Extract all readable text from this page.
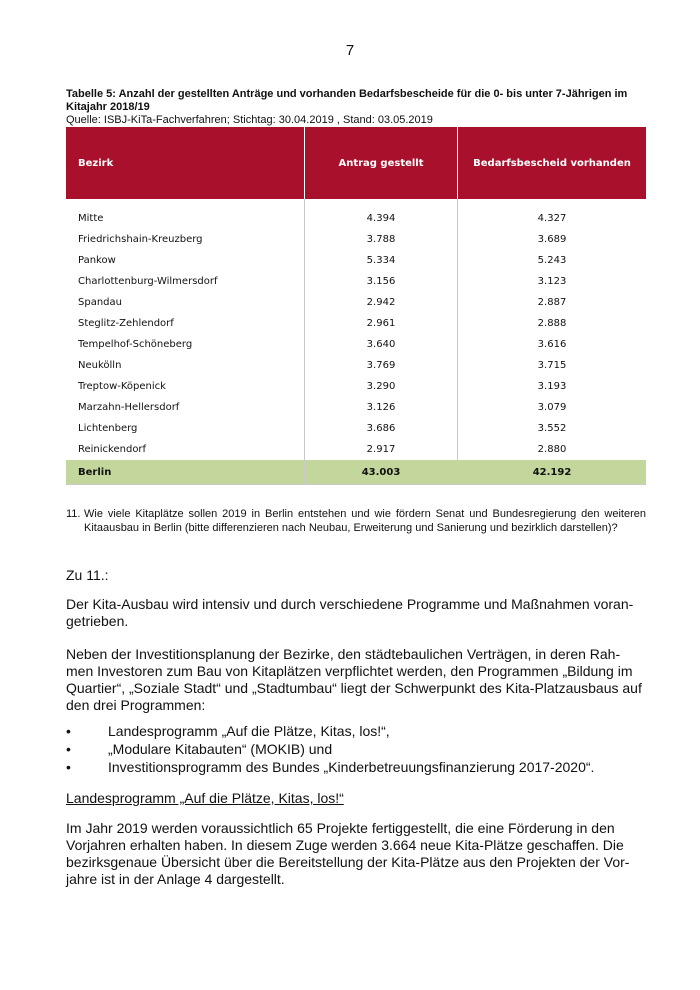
7
Tabelle 5: Anzahl der gestellten Anträge und vorhanden Bedarfsbescheide für die 0- bis unter 7-Jährigen im Kitajahr 2018/19
Quelle: ISBJ-KiTa-Fachverfahren; Stichtag: 30.04.2019 , Stand: 03.05.2019
Bezirk	Antrag gestellt	Bedarfsbescheid vorhanden

Mitte	4.394	4.327
Friedrichshain-Kreuzberg	3.788	3.689
Pankow	5.334	5.243
Charlottenburg-Wilmersdorf	3.156	3.123
Spandau	2.942	2.887
Steglitz-Zehlendorf	2.961	2.888
Tempelhof-Schöneberg	3.640	3.616
Neukölln	3.769	3.715
Treptow-Köpenick	3.290	3.193
Marzahn-Hellersdorf	3.126	3.079
Lichtenberg	3.686	3.552
Reinickendorf	2.917	2.880
Berlin	43.003	42.192
11. Wie viele Kitaplätze sollen 2019 in Berlin entstehen und wie fördern Senat und Bundesregierung den weiteren Kitaausbau in Berlin (bitte differenzieren nach Neubau, Erweiterung und Sanierung und bezirklich darstellen)?
Zu 11.:
Der Kita-Ausbau wird intensiv und durch verschiedene Programme und Maßnahmen voran-getrieben.
Neben der Investitionsplanung der Bezirke, den städtebaulichen Verträgen, in deren Rah-men Investoren zum Bau von Kitaplätzen verpflichtet werden, den Programmen „Bildung im Quartier“, „Soziale Stadt“ und „Stadtumbau“ liegt der Schwerpunkt des Kita-Platzausbaus auf den drei Programmen:
•	Landesprogramm „Auf die Plätze, Kitas, los!“,
•	„Modulare Kitabauten“ (MOKIB) und
•	Investitionsprogramm des Bundes „Kinderbetreuungsfinanzierung 2017-2020“.
Landesprogramm „Auf die Plätze, Kitas, los!“
Im Jahr 2019 werden voraussichtlich 65 Projekte fertiggestellt, die eine Förderung in den Vorjahren erhalten haben. In diesem Zuge werden 3.664 neue Kita-Plätze geschaffen. Die bezirksgenaue Übersicht über die Bereitstellung der Kita-Plätze aus den Projekten der Vor-jahre ist in der Anlage 4 dargestellt.
